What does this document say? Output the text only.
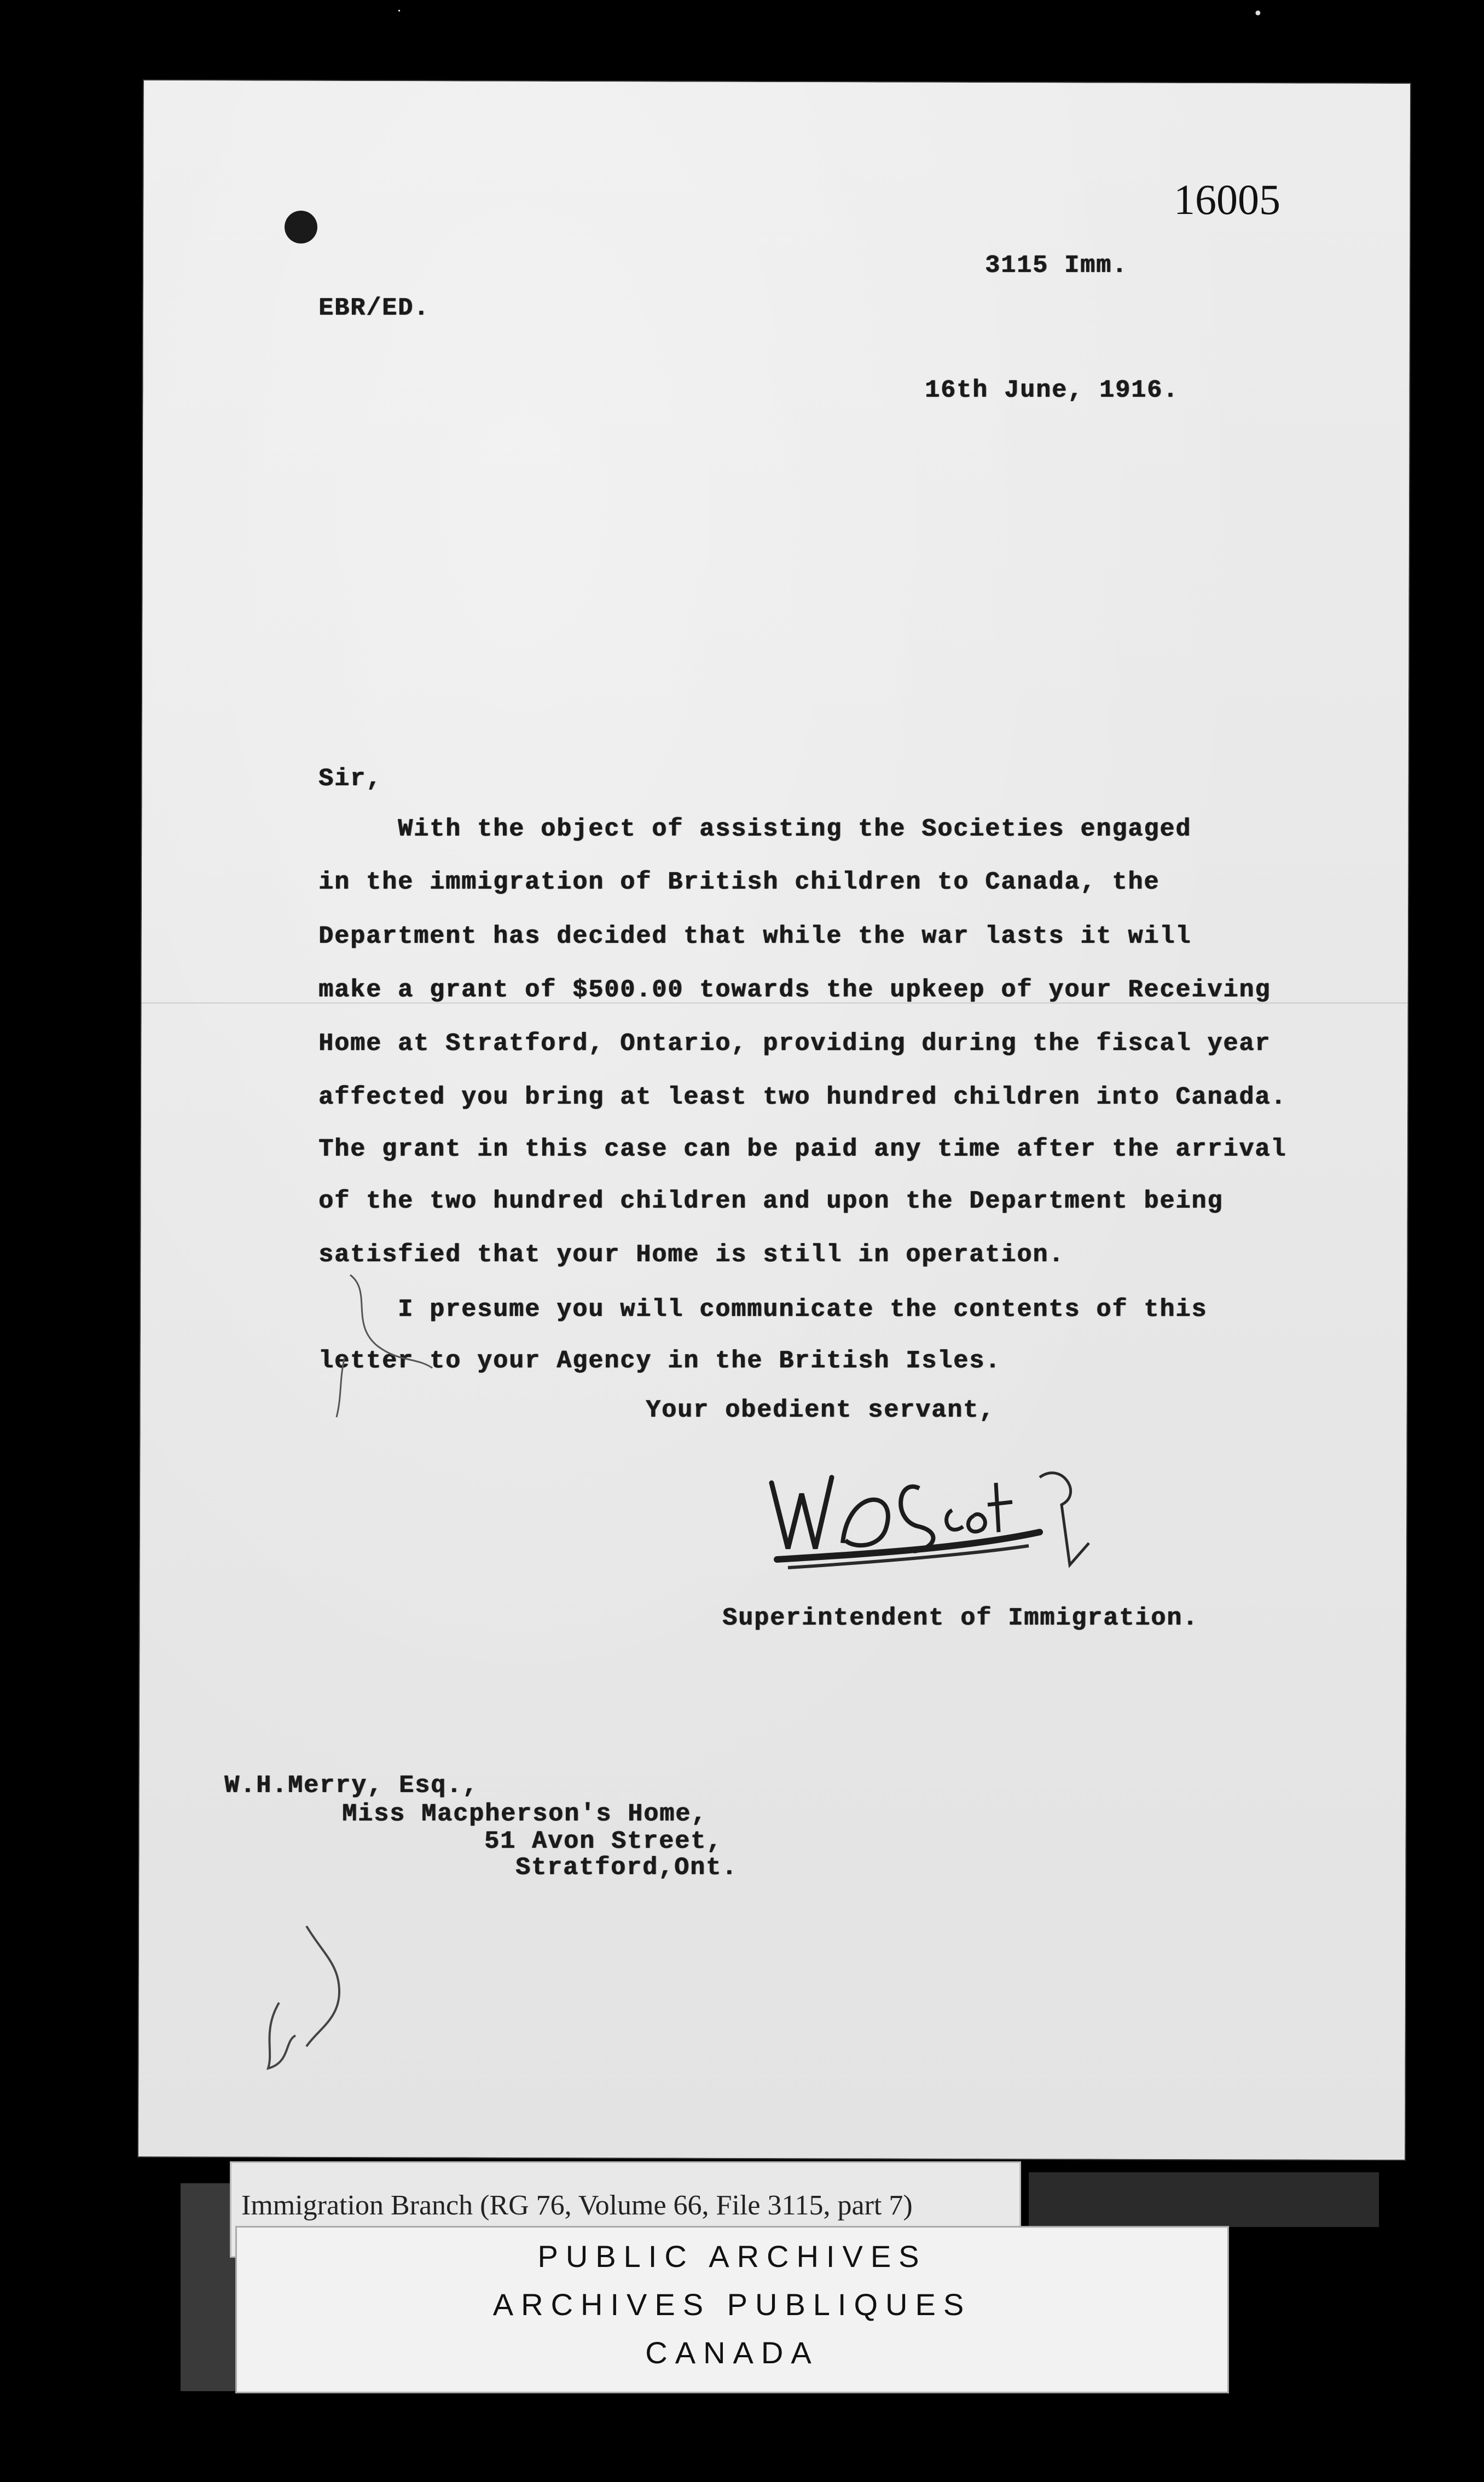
˙	•
16005
3115 Imm.
EBR/ED.
16th June, 1916.
Sir,
With the object of assisting the Societies engaged
in the immigration of British children to Canada, the
Department has decided that while the war lasts it will
make a grant of $500.00 towards the upkeep of your Receiving
Home at Stratford, Ontario, providing during the fiscal year
affected you bring at least two hundred children into Canada.
The grant in this case can be paid any time after the arrival
of the two hundred children and upon the Department being
satisfied that your Home is still in operation.
I presume you will communicate the contents of this
letter to your Agency in the British Isles.
Your obedient servant,
Superintendent of Immigration.
W.H.Merry, Esq.,
Miss Macpherson's Home,
51 Avon Street,
Stratford,Ont.
Immigration Branch (RG 76, Volume 66, File 3115, part 7)
PUBLIC ARCHIVES
ARCHIVES PUBLIQUES
CANADA
